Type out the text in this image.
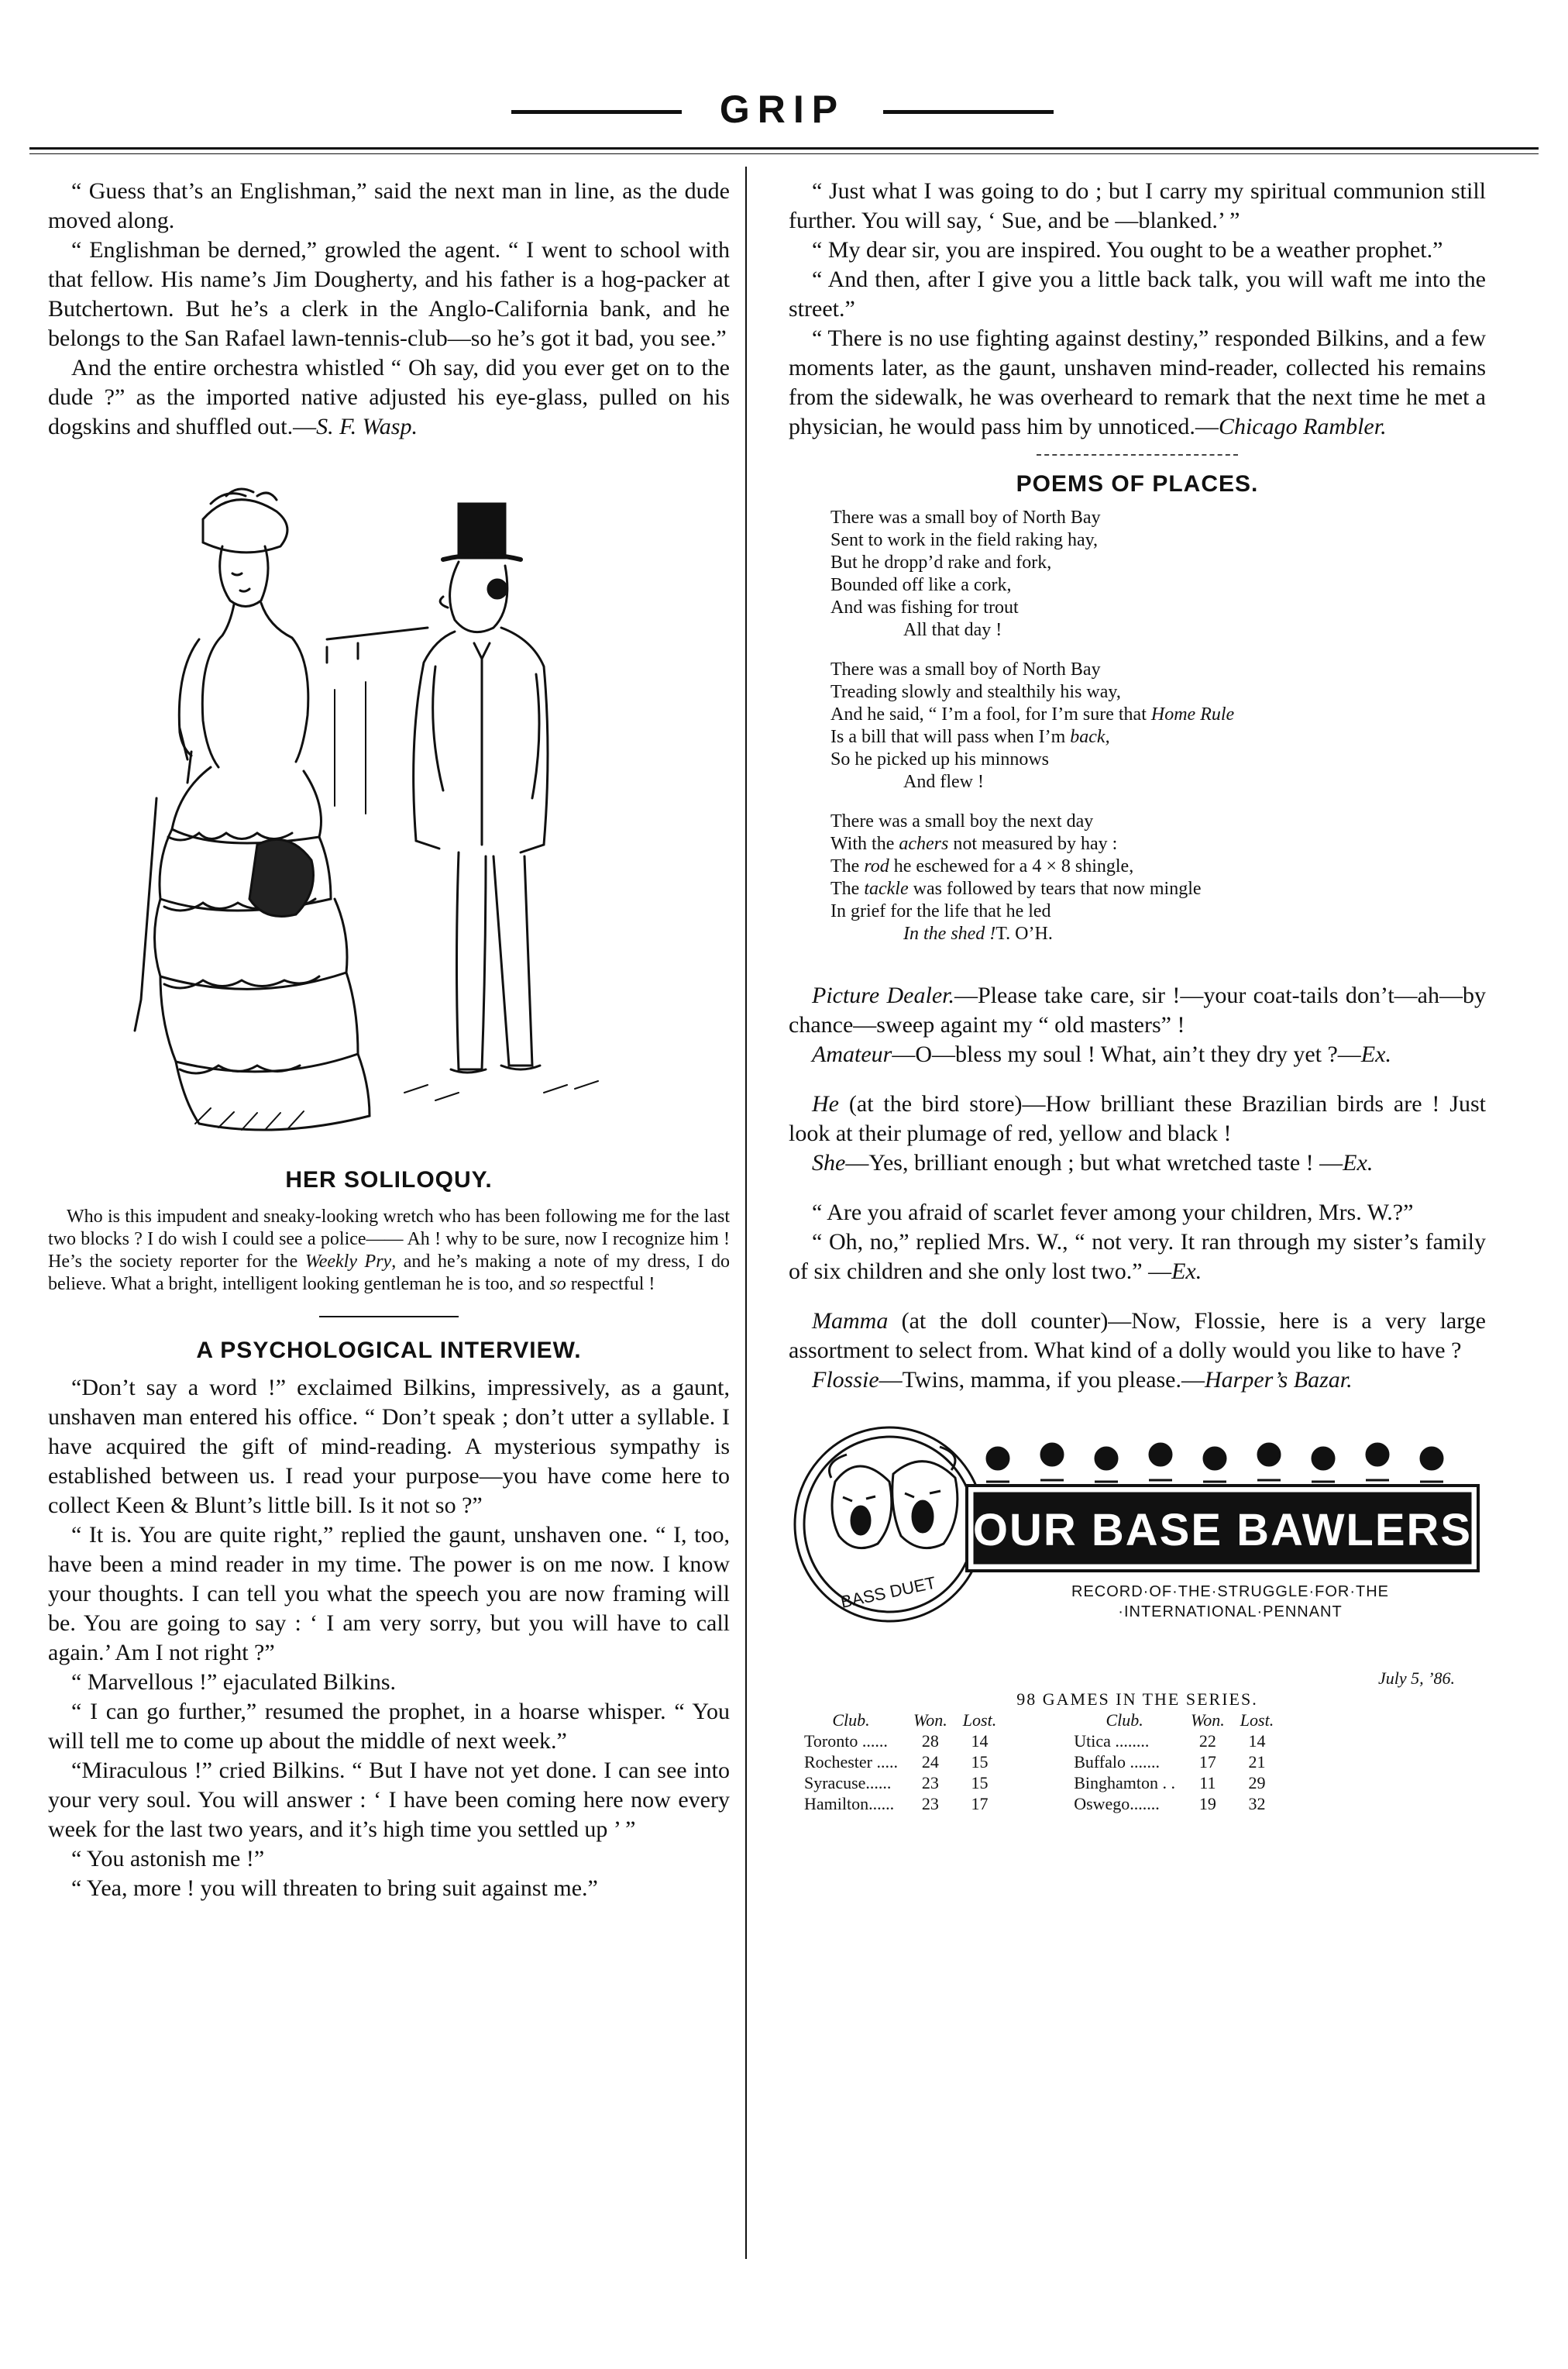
GRIP

“ Guess that’s an Englishman,” said the next man in line, as the dude moved along.

“ Englishman be derned,” growled the agent. “ I went to school with that fellow. His name’s Jim Dougherty, and his father is a hog-packer at Butchertown. But he’s a clerk in the Anglo-California bank, and he belongs to the San Rafael lawn-tennis-club—so he’s got it bad, you see.”

And the entire orchestra whistled “ Oh say, did you ever get on to the dude ?” as the imported native adjusted his eye-glass, pulled on his dogskins and shuffled out.—S. F. Wasp.

HER SOLILOQUY.

Who is this impudent and sneaky-looking wretch who has been following me for the last two blocks ? I do wish I could see a police—— Ah ! why to be sure, now I recognize him ! He’s the society reporter for the Weekly Pry, and he’s making a note of my dress, I do believe. What a bright, intelligent looking gentleman he is too, and so respectful !

A PSYCHOLOGICAL INTERVIEW.

“Don’t say a word !” exclaimed Bilkins, impressively, as a gaunt, unshaven man entered his office. “ Don’t speak ; don’t utter a syllable. I have acquired the gift of mind-reading. A mysterious sympathy is established between us. I read your purpose—you have come here to collect Keen & Blunt’s little bill. Is it not so ?”

“ It is. You are quite right,” replied the gaunt, unshaven one. “ I, too, have been a mind reader in my time. The power is on me now. I know your thoughts. I can tell you what the speech you are now framing will be. You are going to say : ‘ I am very sorry, but you will have to call again.’ Am I not right ?”

“ Marvellous !” ejaculated Bilkins.

“ I can go further,” resumed the prophet, in a hoarse whisper. “ You will tell me to come up about the middle of next week.”

“Miraculous !” cried Bilkins. “ But I have not yet done. I can see into your very soul. You will answer : ‘ I have been coming here now every week for the last two years, and it’s high time you settled up ’ ”

“ You astonish me !”

“ Yea, more ! you will threaten to bring suit against me.”

“ Just what I was going to do ; but I carry my spiritual communion still further. You will say, ‘ Sue, and be —blanked.’ ”

“ My dear sir, you are inspired. You ought to be a weather prophet.”

“ And then, after I give you a little back talk, you will waft me into the street.”

“ There is no use fighting against destiny,” responded Bilkins, and a few moments later, as the gaunt, unshaven mind-reader, collected his remains from the sidewalk, he was overheard to remark that the next time he met a physician, he would pass him by unnoticed.—Chicago Rambler.

POEMS OF PLACES.
There was a small boy of North Bay
Sent to work in the field raking hay,
But he dropp’d rake and fork,
Bounded off like a cork,
And was fishing for trout
All that day !
There was a small boy of North Bay
Treading slowly and stealthily his way,
And he said, “ I’m a fool, for I’m sure that Home Rule
Is a bill that will pass when I’m back,
So he picked up his minnows
And flew !
There was a small boy the next day
With the achers not measured by hay :
The rod he eschewed for a 4 × 8 shingle,
The tackle was followed by tears that now mingle
In grief for the life that he led
In the shed !T. O’H.

Picture Dealer.—Please take care, sir !—your coat-tails don’t—ah—by chance—sweep againt my “ old masters” !

Amateur—O—bless my soul ! What, ain’t they dry yet ?—Ex.

He (at the bird store)—How brilliant these Brazilian birds are ! Just look at their plumage of red, yellow and black !

She—Yes, brilliant enough ; but what wretched taste ! —Ex.

“ Are you afraid of scarlet fever among your children, Mrs. W.?”

“ Oh, no,” replied Mrs. W., “ not very. It ran through my sister’s family of six children and she only lost two.” —Ex.

Mamma (at the doll counter)—Now, Flossie, here is a very large assortment to select from. What kind of a dolly would you like to have ?

Flossie—Twins, mamma, if you please.—Harper’s Bazar.

OUR BASE BAWLERS
RECORD·OF·THE·STRUGGLE·FOR·THE
·INTERNATIONAL·PENNANT
BASS DUET
July 5, ’86.
98 GAMES IN THE SERIES.
Club.	Won.	Lost.		Club.	Won.	Lost.
Toronto ......	28	14		Utica ........	22	14
Rochester .....	24	15		Buffalo .......	17	21
Syracuse......	23	15		Binghamton . .	11	29
Hamilton......	23	17		Oswego.......	19	32
